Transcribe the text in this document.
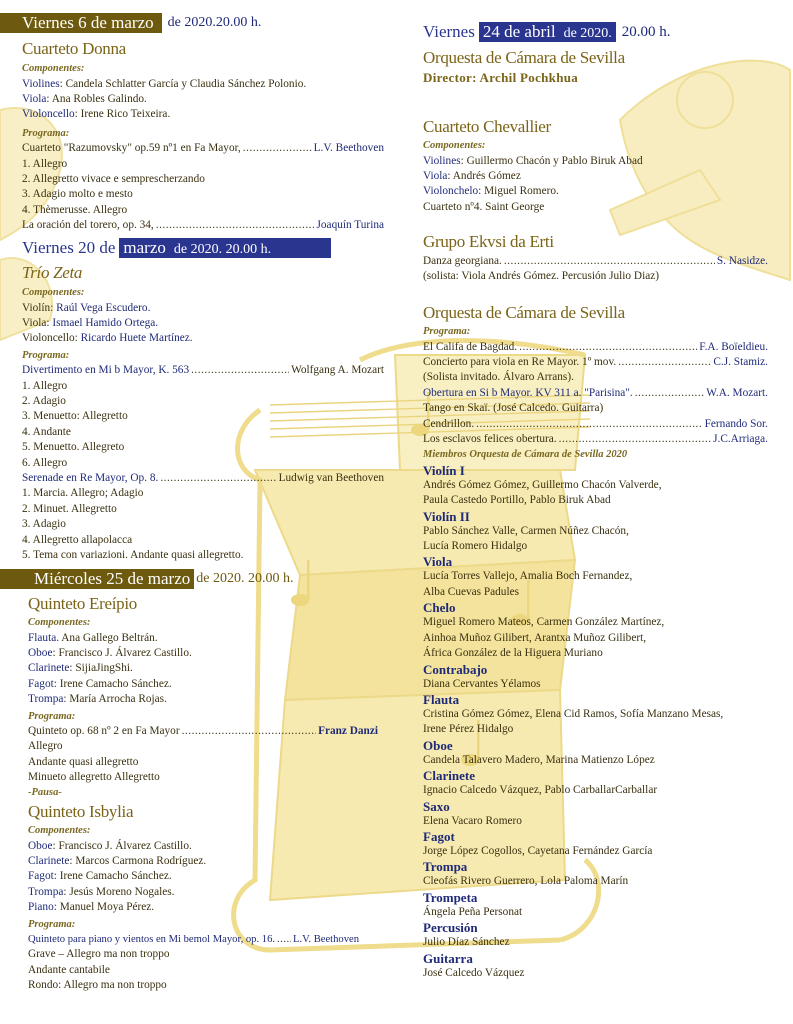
Viernes 6 de marzo	de 2020.20.00 h.
Cuarteto Donna
Componentes:
Violines: Candela Schlatter García y Claudia Sánchez Polonio.
Viola: Ana Robles Galindo.
Violoncello: Irene Rico Teixeira.
Programa:
Cuarteto "Razumovsky" op.59 nº1 en Fa Mayor, .....	L.V. Beethoven
1. Allegro
2. Allegretto vivace e semprescherzando
3. Adagio molto e mesto
4. Thèmerusse. Allegro
La oración del torero, op. 34, .....	Joaquín Turina
Viernes 20 de marzo de 2020. 20.00 h.
Trío Zeta
Componentes:
Violín: Raúl Vega Escudero.
Viola: Ismael Hamido Ortega.
Violoncello: Ricardo Huete Martínez.
Programa:
Divertimento en Mi b Mayor, K. 563 .....	Wolfgang A. Mozart
1. Allegro
2. Adagio
3. Menuetto: Allegretto
4. Andante
5. Menuetto. Allegreto
6. Allegro
Serenade en Re Mayor, Op. 8. .....	Ludwig van Beethoven
1. Marcia. Allegro; Adagio
2. Minuet. Allegretto
3. Adagio
4. Allegretto allapolacca
5. Tema con variazioni. Andante quasi allegretto.
Miércoles 25 de marzo de 2020. 20.00 h.
Quinteto Ereípio
Componentes:
Flauta. Ana Gallego Beltrán.
Oboe: Francisco J. Álvarez Castillo.
Clarinete: SijiaJingShi.
Fagot: Irene Camacho Sánchez.
Trompa: María Arrocha Rojas.
Programa:
Quinteto op. 68 nº 2 en Fa Mayor .....	Franz Danzi
Allegro
Andante quasi allegretto
Minueto allegretto Allegretto
-Pausa-
Quinteto Isbylia
Componentes:
Oboe: Francisco J. Álvarez Castillo.
Clarinete: Marcos Carmona Rodríguez.
Fagot: Irene Camacho Sánchez.
Trompa: Jesús Moreno Nogales.
Piano: Manuel Moya Pérez.
Programa:
Quinteto para piano y vientos en Mi bemol Mayor, op. 16. ..... L.V. Beethoven
Grave – Allegro ma non troppo
Andante cantabile
Rondo: Allegro ma non troppo
Viernes 24 de abril de 2020. 20.00 h.
Orquesta de Cámara de Sevilla
Director: Archil Pochkhua
Cuarteto Chevallier
Componentes:
Violines: Guillermo Chacón y Pablo Biruk Abad
Viola: Andrés Gómez
Violonchelo: Miguel Romero.
Cuarteto nº4. Saint George
Grupo Ekvsi da Erti
Danza georgiana. .....	S. Nasidze.
(solista: Viola Andrés Gómez. Percusión Julio Diaz)
Orquesta de Cámara de Sevilla
Programa:
El Califa de Bagdad. .....	F.A. Boïeldieu.
Concierto para viola en Re Mayor. 1º mov. .....	C.J. Stamiz.
(Solista invitado. Álvaro Arrans).
Obertura en Si b Mayor. KV 311 a. "Parisina". .....	W.A. Mozart.
Tango en Skaï. (José Calcedo. Guitarra)
Cendrillon. .....	Fernando Sor.
Los esclavos felices obertura. .....	J.C.Arriaga.
Miembros Orquesta de Cámara de Sevilla 2020
Violín I
Andrés Gómez Gómez, Guillermo Chacón Valverde,
Paula Castedo Portillo, Pablo Biruk Abad
Violín II
Pablo Sánchez Valle, Carmen Núñez Chacón,
Lucía Romero Hidalgo
Viola
Lucía Torres Vallejo, Amalia Boch Fernandez,
Alba Cuevas Padules
Chelo
Miguel Romero Mateos, Carmen González Martínez,
Ainhoa Muñoz Gilibert, Arantxa Muñoz Gilibert,
África González de la Higuera Muriano
Contrabajo
Diana Cervantes Yélamos
Flauta
Cristina Gómez Gómez, Elena Cid Ramos, Sofía Manzano Mesas,
Irene Pérez Hidalgo
Oboe
Candela Talavero Madero, Marina Matienzo López
Clarinete
Ignacio Calcedo Vázquez, Pablo CarballarCarballar
Saxo
Elena Vacaro Romero
Fagot
Jorge López Cogollos, Cayetana Fernández García
Trompa
Cleofás Rivero Guerrero, Lola Paloma Marín
Trompeta
Ángela Peña Personat
Percusión
Julio Díaz Sánchez
Guitarra
José Calcedo Vázquez
